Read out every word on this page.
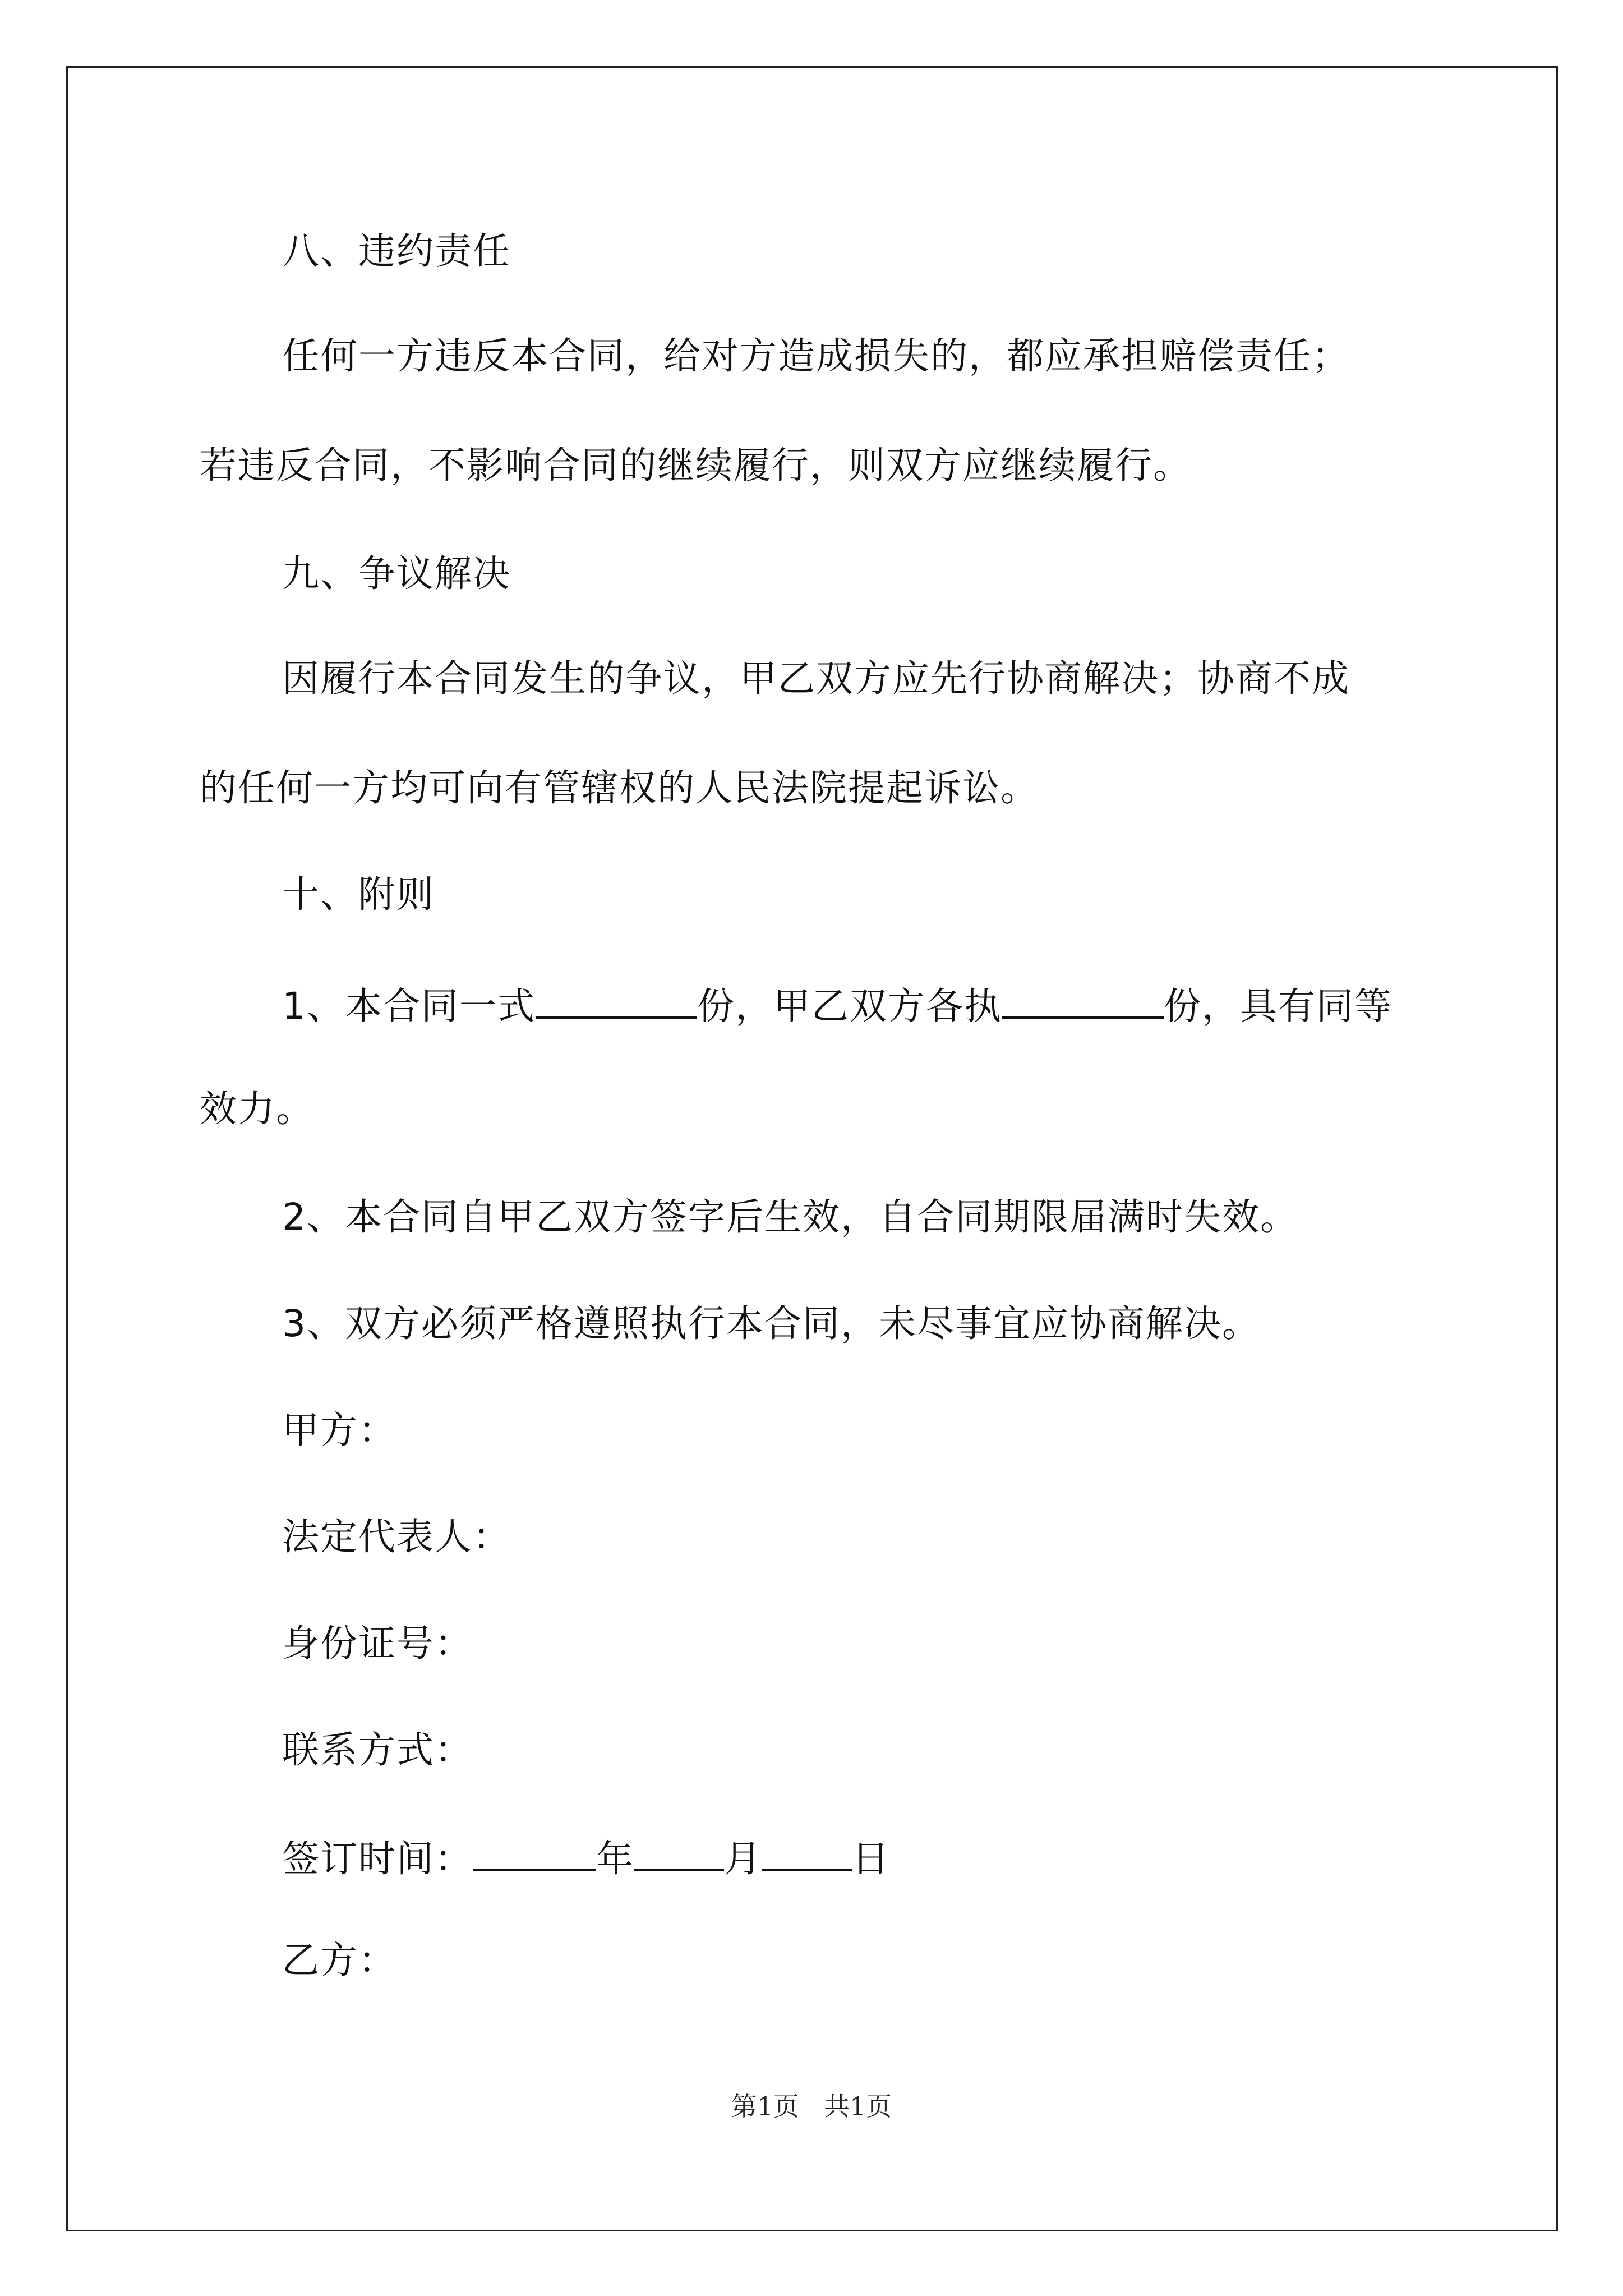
八、违约责任
任何一方违反本合同，给对方造成损失的，都应承担赔偿责任；
若违反合同，不影响合同的继续履行，则双方应继续履行。
九、争议解决
因履行本合同发生的争议，甲乙双方应先行协商解决；协商不成
的任何一方均可向有管辖权的人民法院提起诉讼。
十、附则
1、本合同一式	份，甲乙双方各执	份，具有同等
效力。
2、本合同自甲乙双方签字后生效，自合同期限届满时失效。
3、双方必须严格遵照执行本合同，未尽事宜应协商解决。
甲方：
法定代表人：
身份证号：
联系方式：
签订时间：	年 月 日
乙方：
第1页 共1页
